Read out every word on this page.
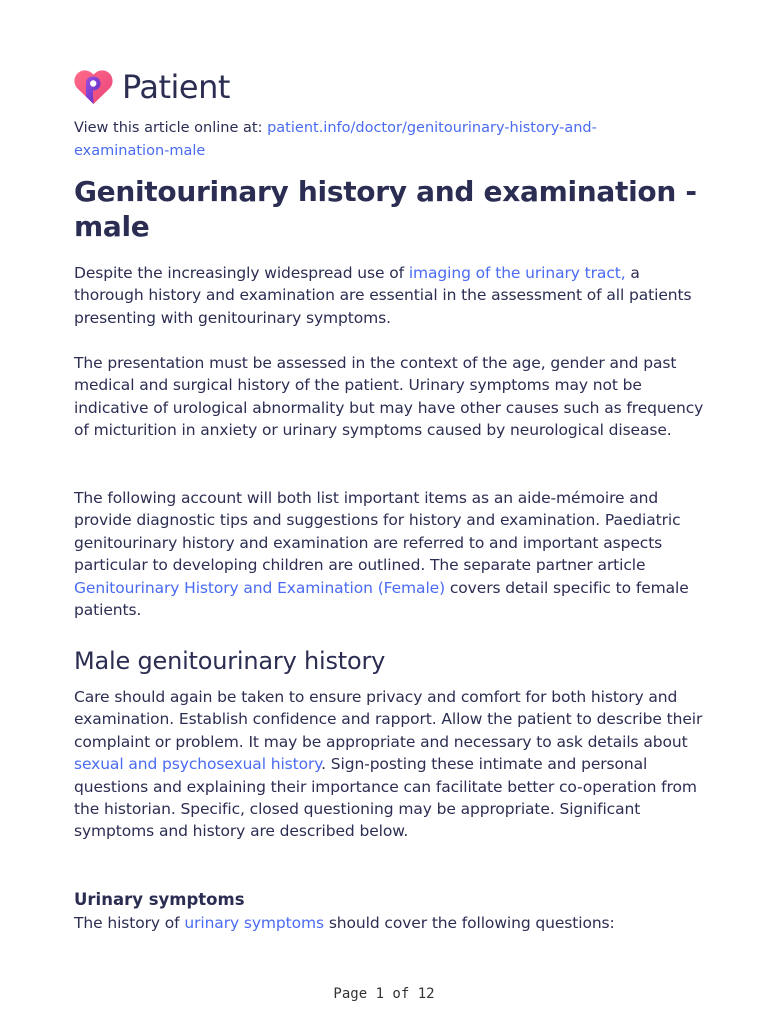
Patient
View this article online at: patient.info/doctor/genitourinary-history-and-examination-male
Genitourinary history and examination - male

Despite the increasingly widespread use of imaging of the urinary tract, a thorough history and examination are essential in the assessment of all patients presenting with genitourinary symptoms.

The presentation must be assessed in the context of the age, gender and past medical and surgical history of the patient. Urinary symptoms may not be indicative of urological abnormality but may have other causes such as frequency of micturition in anxiety or urinary symptoms caused by neurological disease.

The following account will both list important items as an aide-mémoire and provide diagnostic tips and suggestions for history and examination. Paediatric genitourinary history and examination are referred to and important aspects particular to developing children are outlined. The separate partner article Genitourinary History and Examination (Female) covers detail specific to female patients.

Male genitourinary history

Care should again be taken to ensure privacy and comfort for both history and examination. Establish confidence and rapport. Allow the patient to describe their complaint or problem. It may be appropriate and necessary to ask details about sexual and psychosexual history. Sign-posting these intimate and personal questions and explaining their importance can facilitate better co-operation from the historian. Specific, closed questioning may be appropriate. Significant symptoms and history are described below.

Urinary symptoms

The history of urinary symptoms should cover the following questions:

Page 1 of 12
